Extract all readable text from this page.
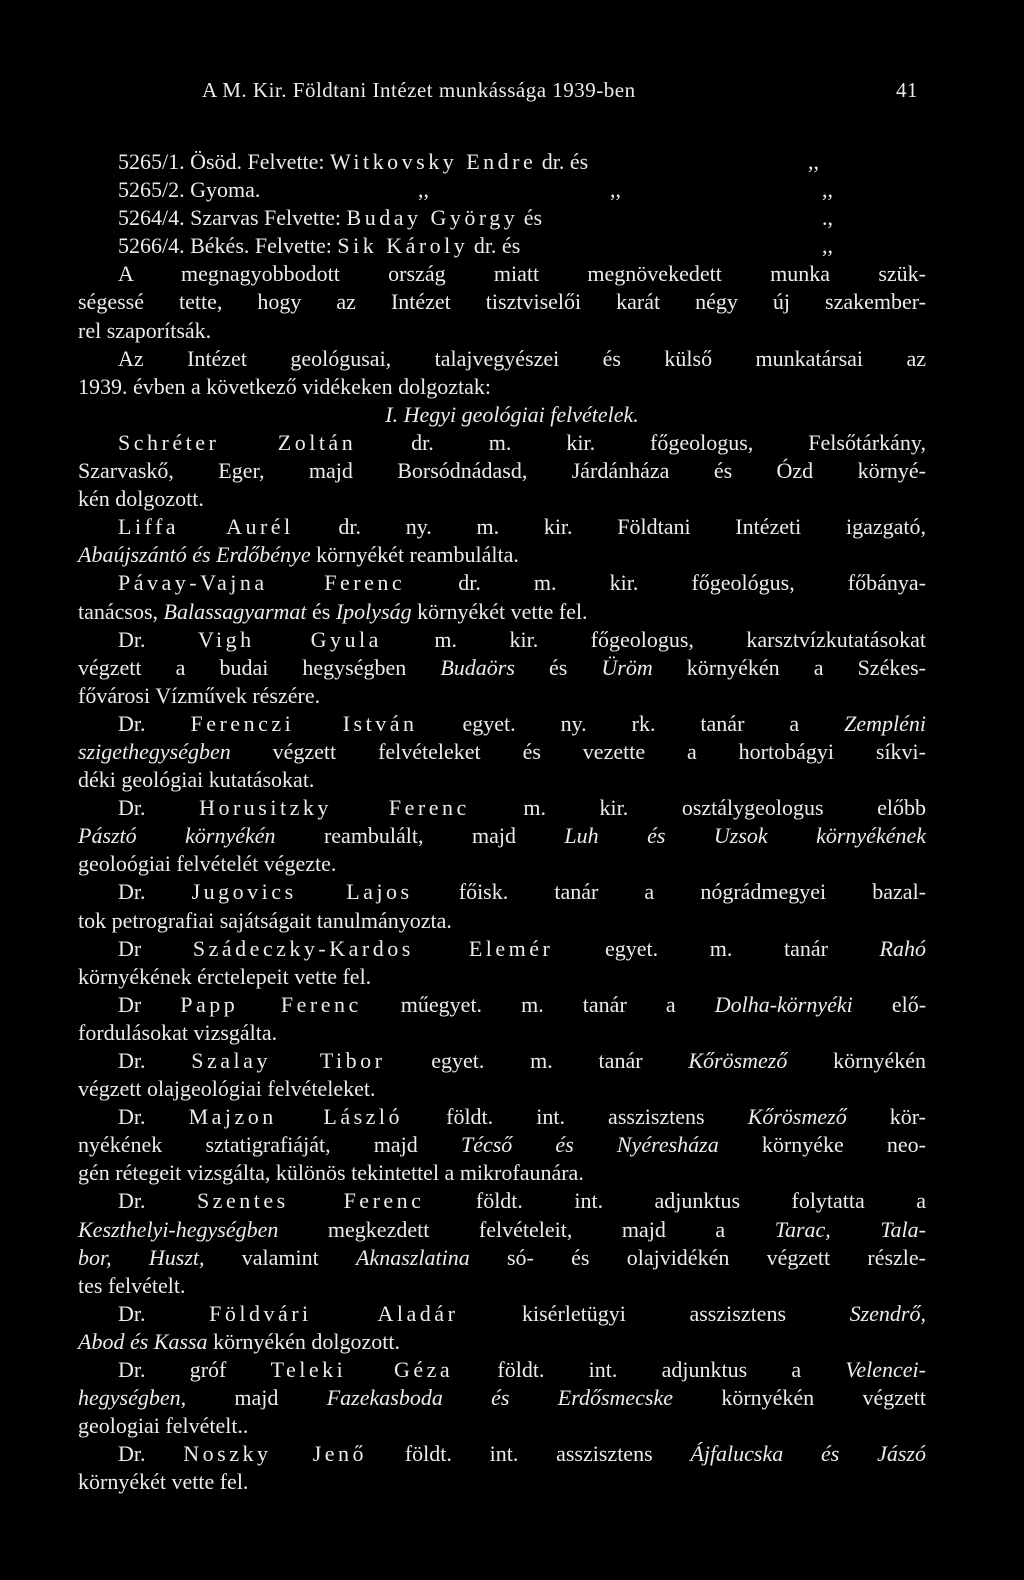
A M. Kir. Földtani Intézet munkássága 1939-ben	41
5265/1. Ösöd. Felvette: Witkovsky Endre dr. és	,,
5265/2. Gyoma.	,,	,,	,,
5264/4. Szarvas Felvette: Buday György és	.,
5266/4. Békés. Felvette: Sik Károly dr. és	,,
A megnagyobbodott ország miatt megnövekedett munka szük-
ségessé tette, hogy az Intézet tisztviselői karát négy új szakember-
rel szaporítsák.
Az Intézet geológusai, talajvegyészei és külső munkatársai az
1939. évben a következő vidékeken dolgoztak:
I. Hegyi geológiai felvételek.
Schréter Zoltán dr. m. kir. főgeologus, Felsőtárkány,
Szarvaskő, Eger, majd Borsódnádasd, Járdánháza és Ózd környé-
kén dolgozott.
Liffa Aurél dr. ny. m. kir. Földtani Intézeti igazgató,
Abaújszántó és Erdőbénye környékét reambulálta.
Pávay-Vajna Ferenc dr. m. kir. főgeológus, főbánya-
tanácsos, Balassagyarmat és Ipolyság környékét vette fel.
Dr. Vigh Gyula m. kir. főgeologus, karsztvízkutatásokat
végzett a budai hegységben Budaörs és Üröm környékén a Székes-
fővárosi Vízművek részére.
Dr. Ferenczi István egyet. ny. rk. tanár a Zempléni
szigethegységben végzett felvételeket és vezette a hortobágyi síkvi-
déki geológiai kutatásokat.
Dr. Horusitzky Ferenc m. kir. osztálygeologus előbb
Pásztó környékén reambulált, majd Luh és Uzsok környékének
geoloógiai felvételét végezte.
Dr. Jugovics Lajos főisk. tanár a nógrádmegyei bazal-
tok petrografiai sajátságait tanulmányozta.
Dr Szádeczky-Kardos Elemér egyet. m. tanár Rahó
környékének érctelepeit vette fel.
Dr Papp Ferenc műegyet. m. tanár a Dolha-környéki elő-
fordulásokat vizsgálta.
Dr. Szalay Tibor egyet. m. tanár Kőrösmező környékén
végzett olajgeológiai felvételeket.
Dr. Majzon László földt. int. asszisztens Kőrösmező kör-
nyékének sztatigrafiáját, majd Técső és Nyéresháza környéke neo-
gén rétegeit vizsgálta, különös tekintettel a mikrofaunára.
Dr. Szentes Ferenc földt. int. adjunktus folytatta a
Keszthelyi-hegységben megkezdett felvételeit, majd a Tarac, Tala-
bor, Huszt, valamint Aknaszlatina só- és olajvidékén végzett részle-
tes felvételt.
Dr. Földvári Aladár kisérletügyi asszisztens Szendrő,
Abod és Kassa környékén dolgozott.
Dr. gróf Teleki Géza földt. int. adjunktus a Velencei-
hegységben, majd Fazekasboda és Erdősmecske környékén végzett
geologiai felvételt..
Dr. Noszky Jenő földt. int. asszisztens Ájfalucska és Jászó
környékét vette fel.
